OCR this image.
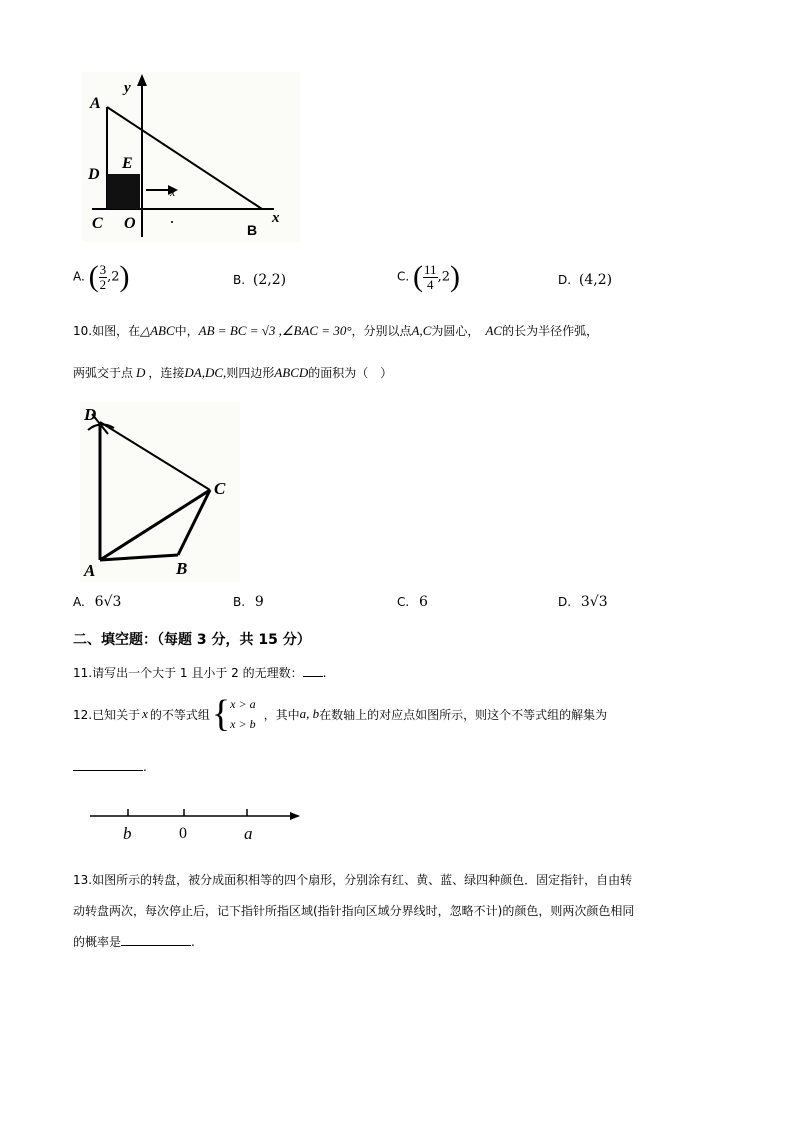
x
y
A
D
E
C O	B
x
A. ( $\frac{3}{2} ,2$)	B. (2,2)	C. ( $\frac{11}{4} ,2$)	D. (4,2)
10.如图，在△ABC中，AB = BC = √3 ,∠BAC = 30°，分别以点A,C为圆心， AC的长为半径作弧，
两弧交于点 D ，连接DA,DC,则四边形ABCD的面积为（　）
D
C
A	B
A. 6√3	B. 9	C. 6	D. 3√3
二、填空题：（每题 3 分，共 15 分）
11.请写出一个大于 1 且小于 2 的无理数： .
12.已知关于 x 的不等式组{ x > a
x > b
，其中a, b在数轴上的对应点如图所示，则这个不等式组的解集为
.
b	0	a
13.如图所示的转盘，被分成面积相等的四个扇形，分别涂有红、黄、蓝、绿四种颜色．固定指针，自由转
动转盘两次，每次停止后，记下指针所指区域(指针指向区域分界线时，忽略不计)的颜色，则两次颜色相同
的概率是	.
